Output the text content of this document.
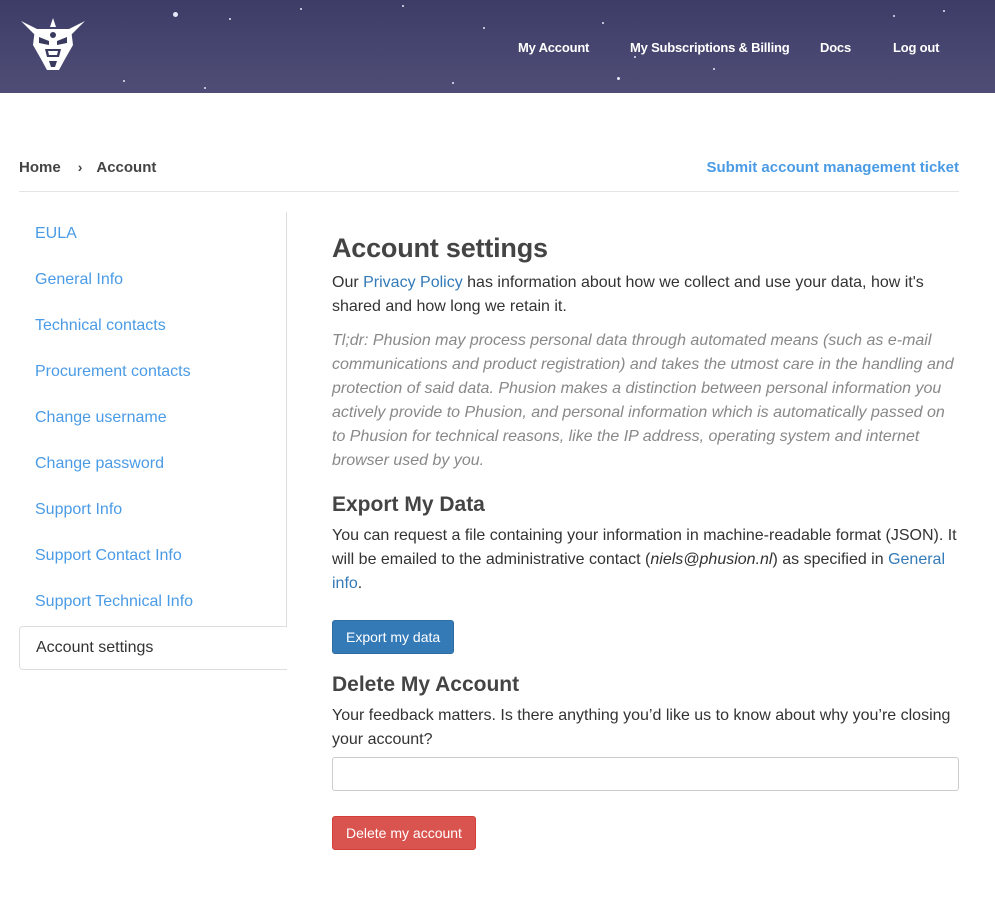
My Account	My Subscriptions & Billing Docs	Log out
Home › Account	Submit account management ticket
EULA
General Info
Technical contacts
Procurement contacts
Change username
Change password
Support Info
Support Contact Info
Support Technical Info
Account settings
Account settings

Our Privacy Policy has information about how we collect and use your data, how it's shared and how long we retain it.

Tl;dr: Phusion may process personal data through automated means (such as e-mail communications and product registration) and takes the utmost care in the handling and protection of said data. Phusion makes a distinction between personal information you actively provide to Phusion, and personal information which is automatically passed on to Phusion for technical reasons, like the IP address, operating system and internet browser used by you.

Export My Data

You can request a file containing your information in machine-readable format (JSON). It will be emailed to the administrative contact (niels@phusion.nl) as specified in General info.

Export my data
Delete My Account

Your feedback matters. Is there anything you’d like us to know about why you’re closing your account?

Delete my account
